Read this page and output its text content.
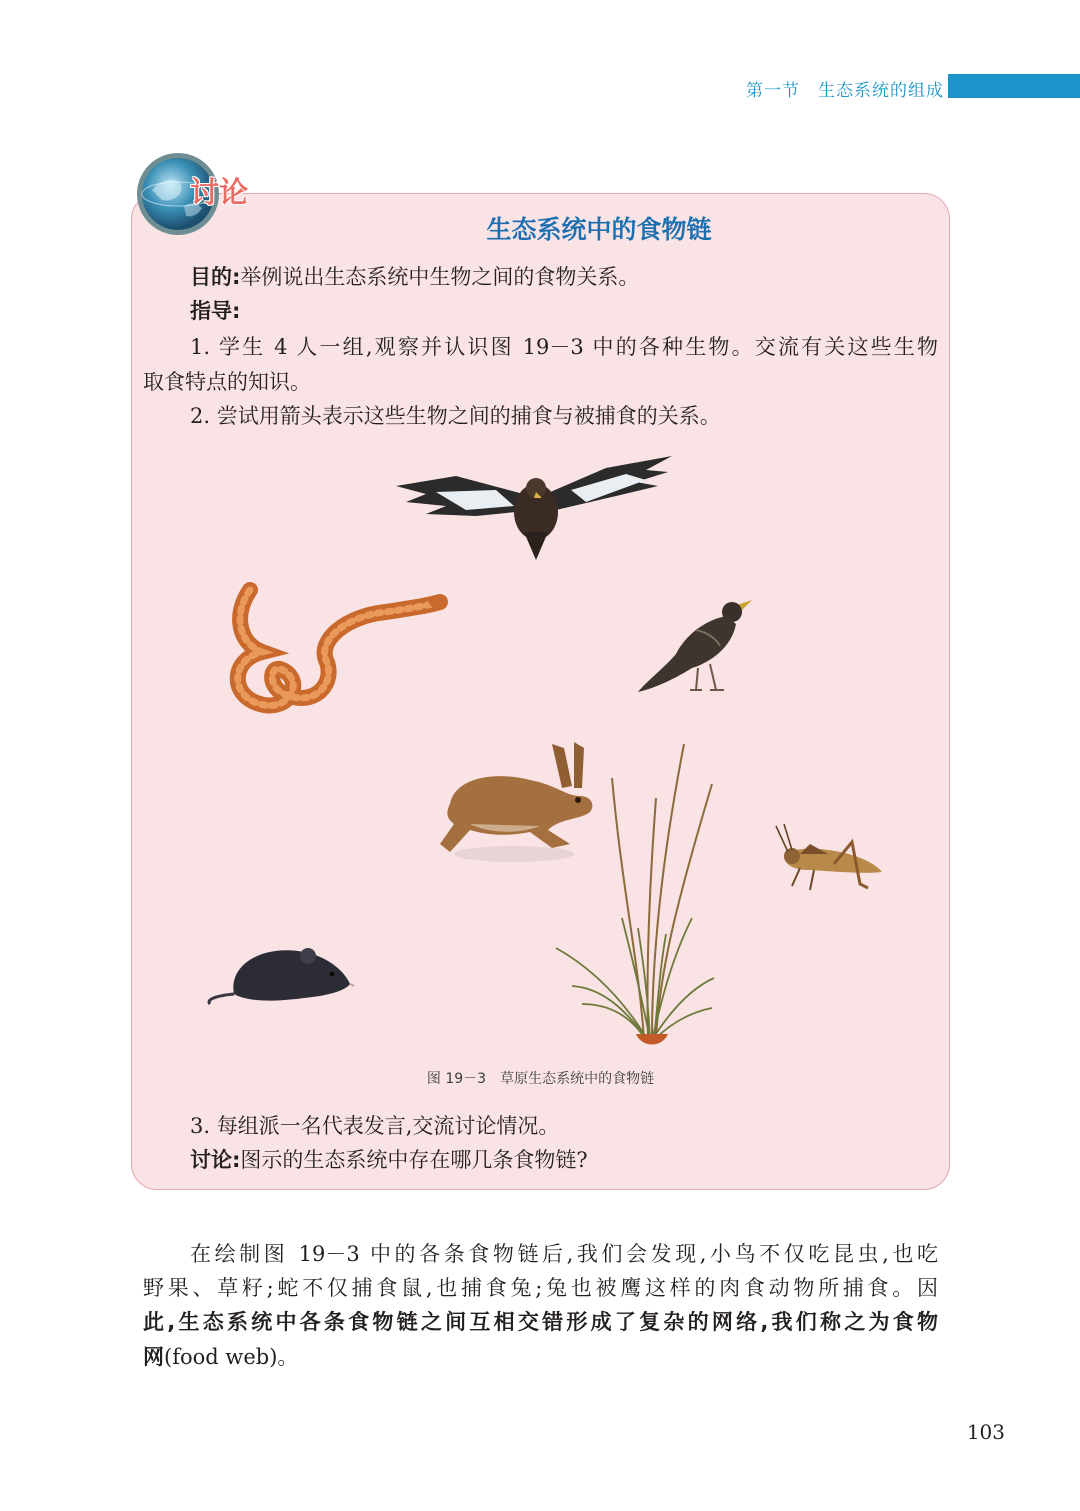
第一节　生态系统的组成
讨论
生态系统中的食物链
目的:举例说出生态系统中生物之间的食物关系。
指导:
1. 学生 4 人一组,观察并认识图 19－3 中的各种生物。交流有关这些生物
取食特点的知识。
2. 尝试用箭头表示这些生物之间的捕食与被捕食的关系。
图 19－3　草原生态系统中的食物链
3. 每组派一名代表发言,交流讨论情况。
讨论:图示的生态系统中存在哪几条食物链?
在绘制图 19－3 中的各条食物链后,我们会发现,小鸟不仅吃昆虫,也吃
野果、草籽;蛇不仅捕食鼠,也捕食兔;兔也被鹰这样的肉食动物所捕食。因
此,生态系统中各条食物链之间互相交错形成了复杂的网络,我们称之为食物
网(food web)。
103
